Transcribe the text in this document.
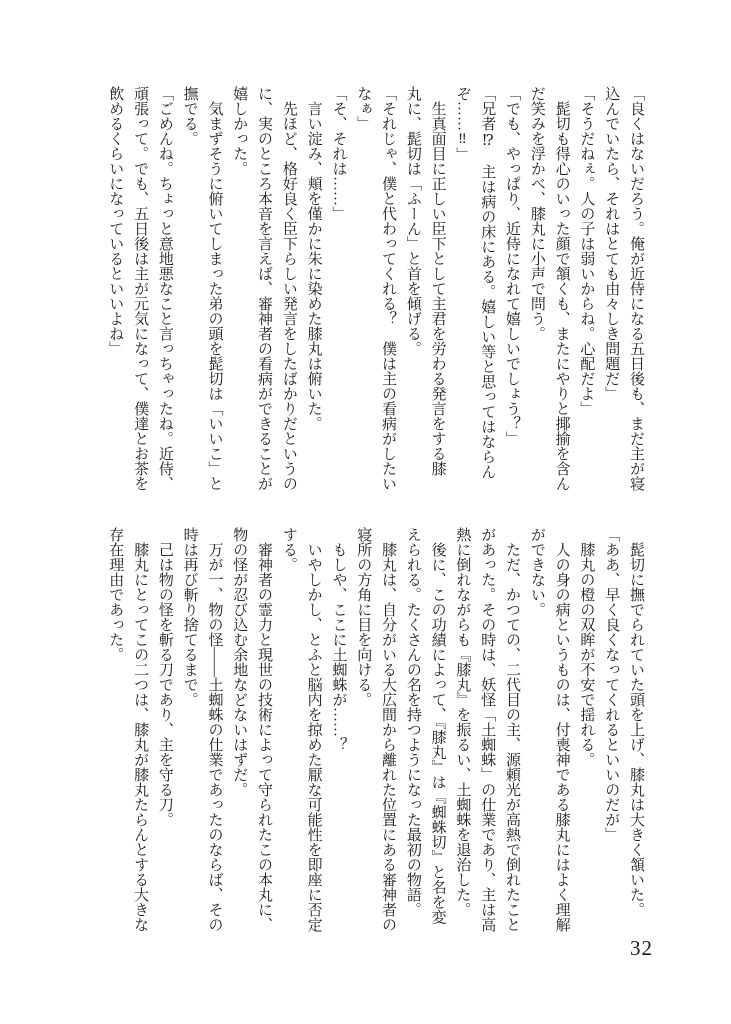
「良くはないだろう。俺が近侍になる五日後も、まだ主が寝
込んでいたら、それはとても由々しき問題だ」
「そうだねぇ。人の子は弱いからね。心配だよ」
　髭切も得心のいった顔で頷くも、またにやりと揶揄を含ん
だ笑みを浮かべ、膝丸に小声で問う。
「でも、やっぱり、近侍になれて嬉しいでしょう？」
「兄者⁉　主は病の床にある。嬉しい等と思ってはならん
ぞ……‼」
　生真面目に正しい臣下として主君を労わる発言をする膝
丸に、髭切は「ふーん」と首を傾げる。
「それじゃ、僕と代わってくれる？　僕は主の看病がしたい
なぁ」
「そ、それは……」
　言い淀み、頬を僅かに朱に染めた膝丸は俯いた。
　先ほど、格好良く臣下らしい発言をしたばかりだというの
に、実のところ本音を言えば、審神者の看病ができることが
嬉しかった。
　気まずそうに俯いてしまった弟の頭を髭切は「いいこ」と
撫でる。
「ごめんね。ちょっと意地悪なこと言っちゃったね。近侍、
頑張って。でも、五日後は主が元気になって、僕達とお茶を
飲めるくらいになっているといいよね」
　髭切に撫でられていた頭を上げ、膝丸は大きく頷いた。
「ああ、早く良くなってくれるといいのだが」
　膝丸の橙の双眸が不安で揺れる。
　人の身の病というものは、付喪神である膝丸にはよく理解
ができない。
　ただ、かつての、二代目の主、源頼光が高熱で倒れたこと
があった。その時は、妖怪「土蜘蛛」の仕業であり、主は高
熱に倒れながらも『膝丸』を振るい、土蜘蛛を退治した。
　後に、この功績によって、『膝丸』は『蜘蛛切』と名を変
えられる。たくさんの名を持つようになった最初の物語。
　膝丸は、自分がいる大広間から離れた位置にある審神者の
寝所の方角に目を向ける。
　もしや、ここに土蜘蛛が……？
　いやしかし、とふと脳内を掠めた厭な可能性を即座に否定
する。
　審神者の霊力と現世の技術によって守られたこの本丸に、
物の怪が忍び込む余地などないはずだ。
　万が一、物の怪――土蜘蛛の仕業であったのならば、その
時は再び斬り捨てるまで。
　己は物の怪を斬る刀であり、主を守る刀。
　膝丸にとってこの二つは、膝丸が膝丸たらんとする大きな
存在理由であった。
32
